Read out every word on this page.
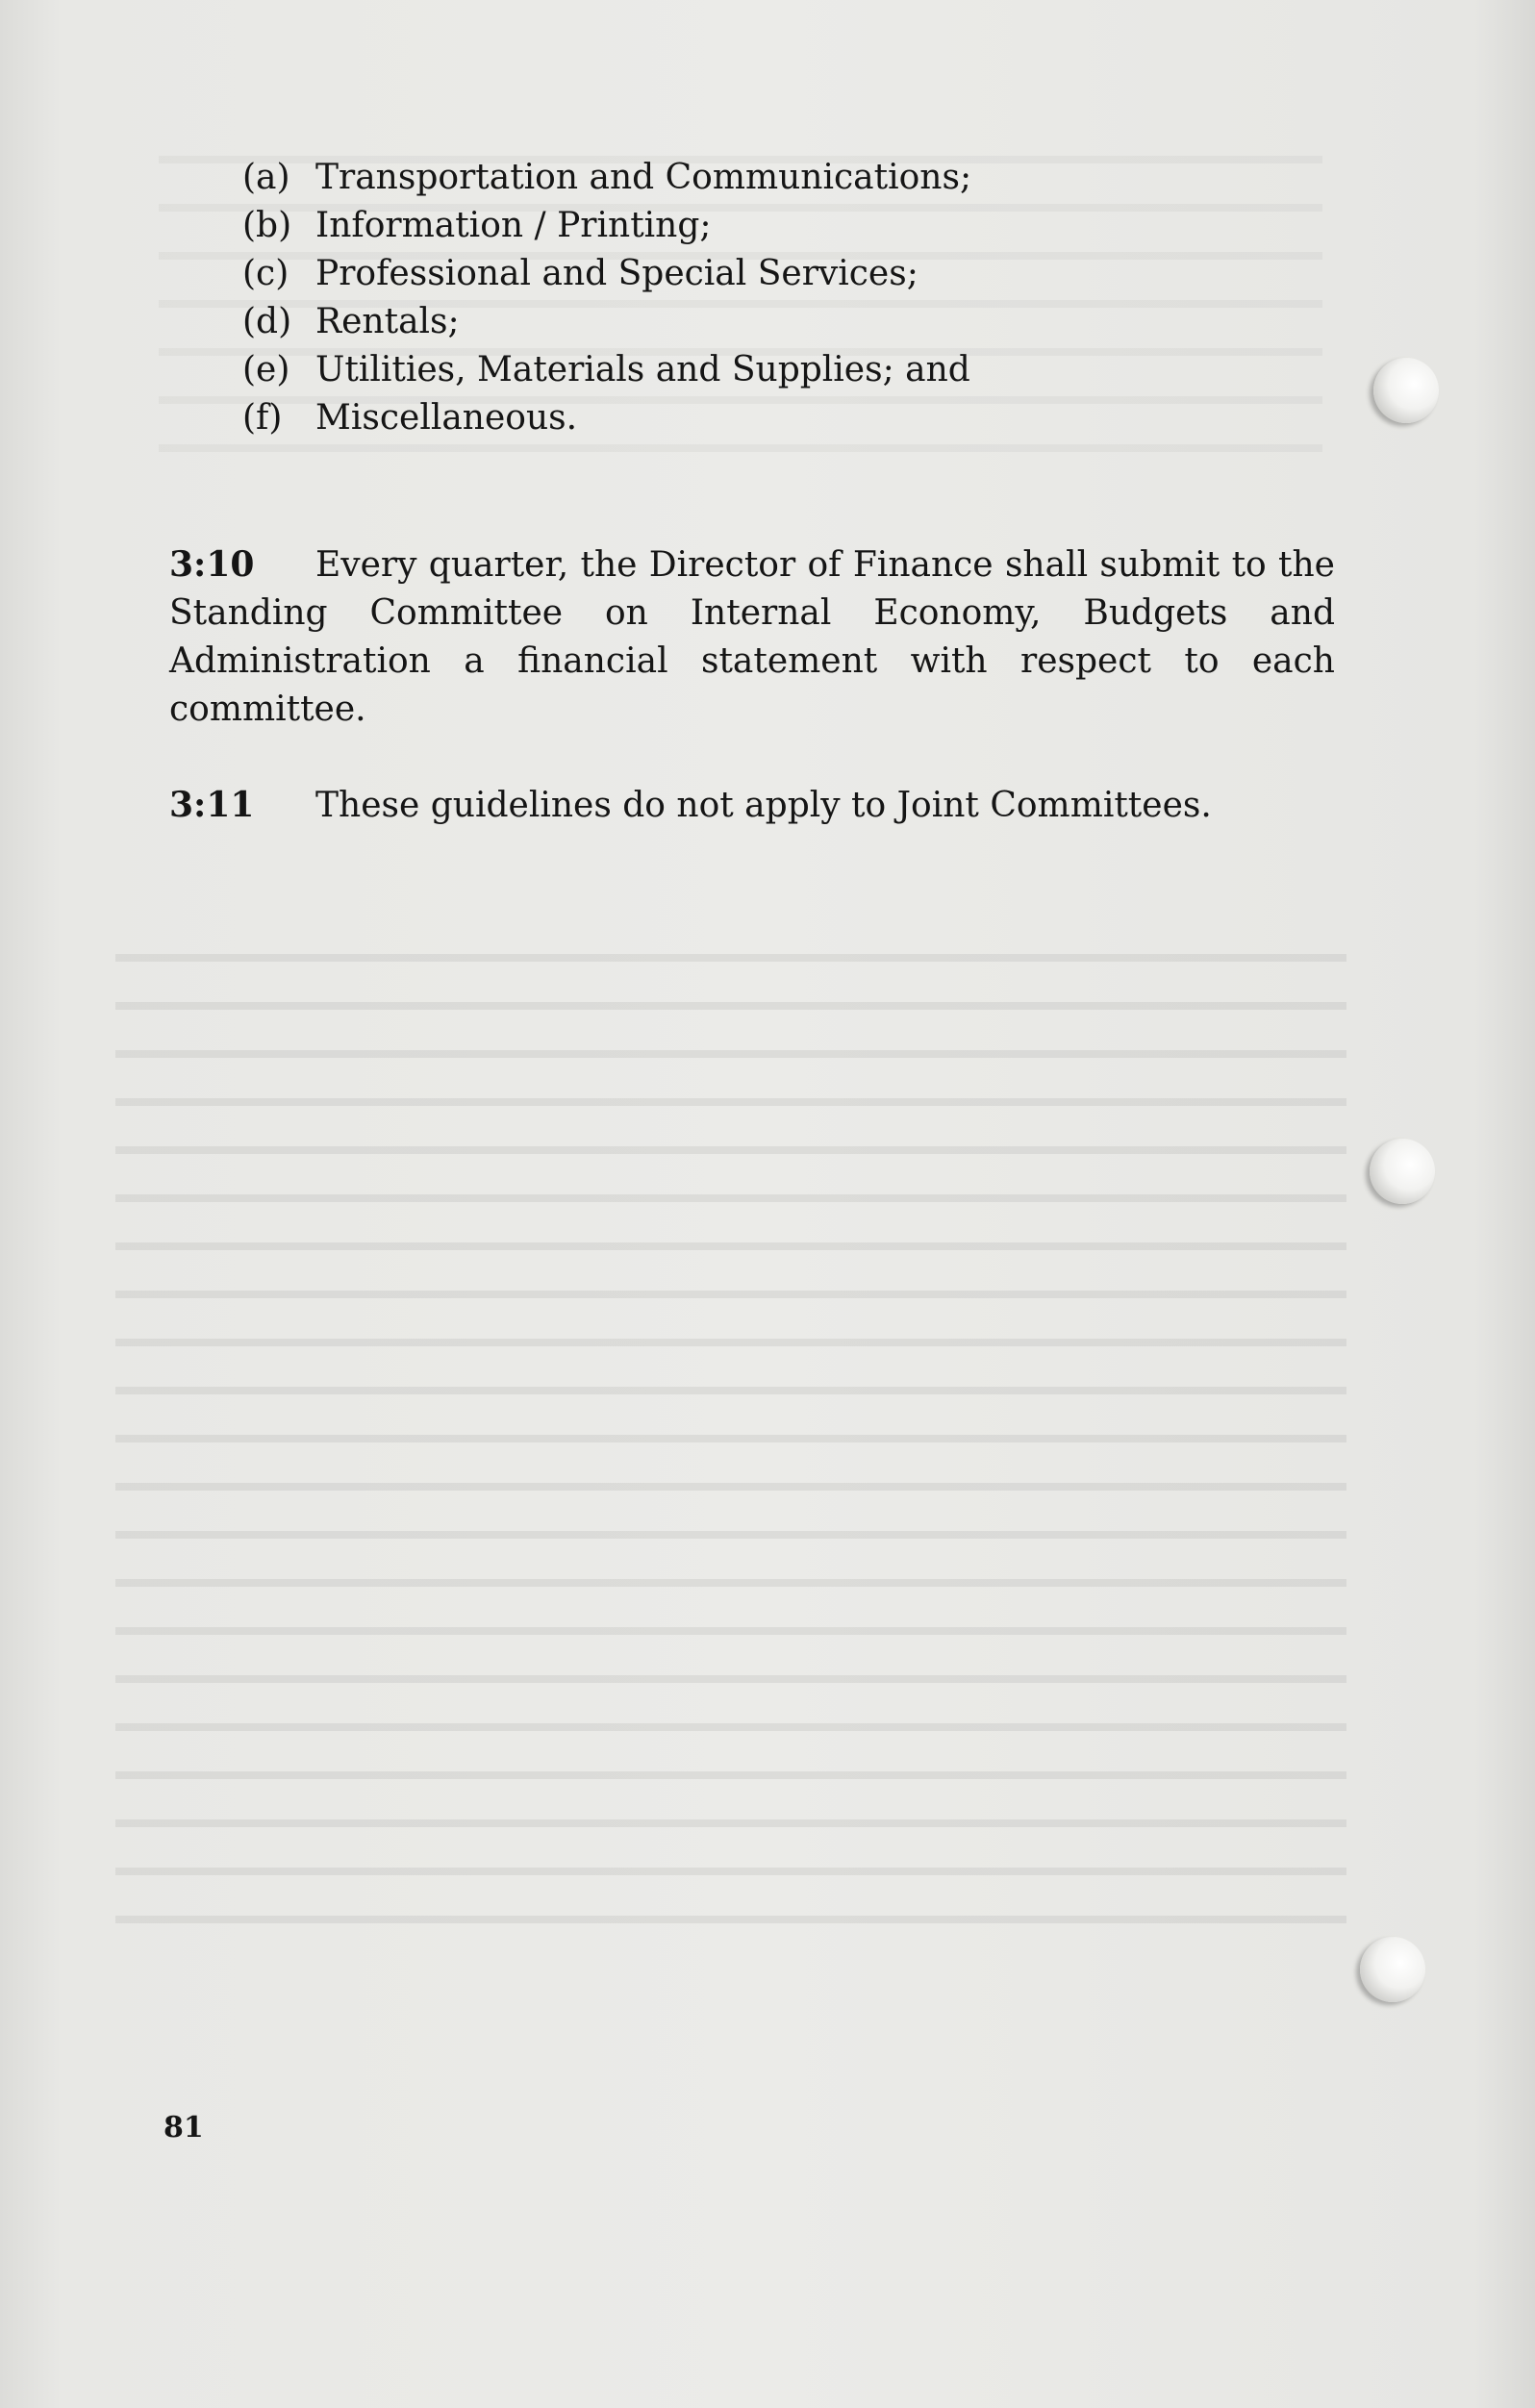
(a) Transportation and Communications;
(b) Information / Printing;
(c) Professional and Special Services;
(d) Rentals;
(e) Utilities, Materials and Supplies; and
(f) Miscellaneous.

3:10 Every quarter, the Director of Finance shall submit to the Standing Committee on Internal Economy, Budgets and Administration a financial statement with respect to each committee.

3:11 These guidelines do not apply to Joint Committees.

81
